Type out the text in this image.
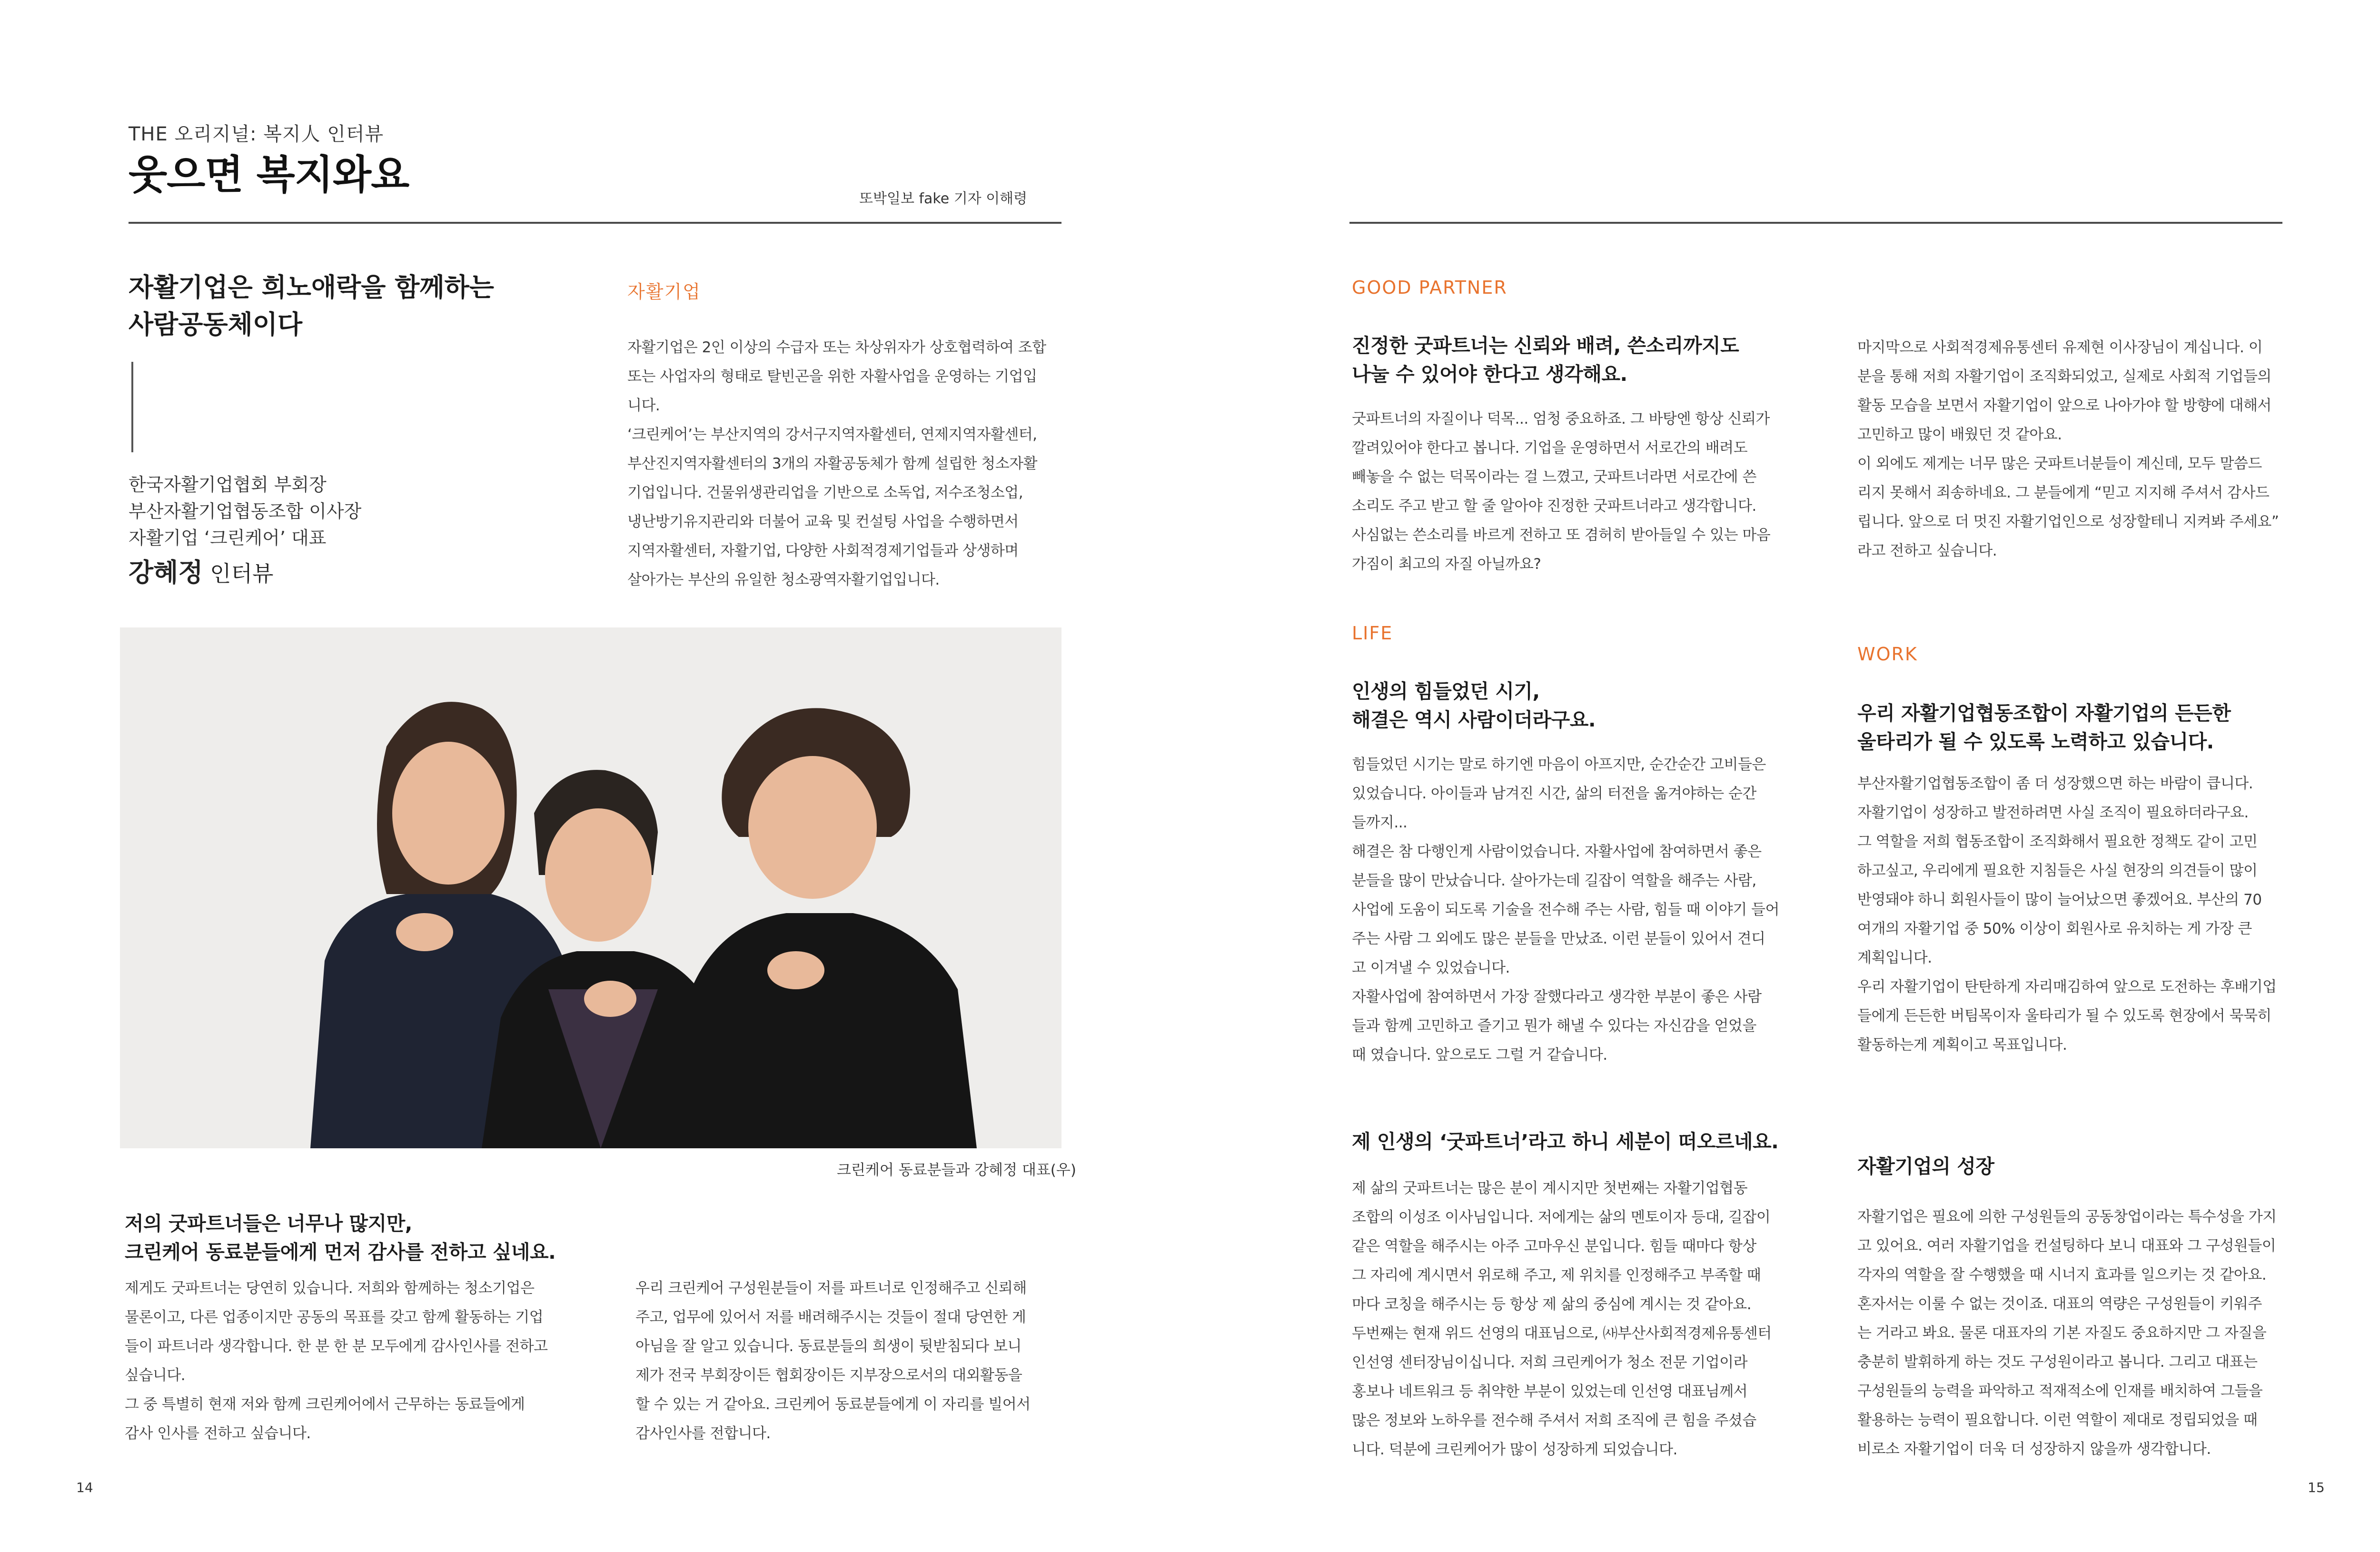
THE 오리지널: 복지人 인터뷰
웃으면 복지와요
또박일보 fake 기자 이해령
자활기업은 희노애락을 함께하는
사람공동체이다
한국자활기업협회 부회장
부산자활기업협동조합 이사장
자활기업 ‘크린케어’ 대표
강혜정 인터뷰
자활기업

자활기업은 2인 이상의 수급자 또는 차상위자가 상호협력하여 조합

또는 사업자의 형태로 탈빈곤을 위한 자활사업을 운영하는 기업입

니다.

‘크린케어’는 부산지역의 강서구지역자활센터, 연제지역자활센터,

부산진지역자활센터의 3개의 자활공동체가 함께 설립한 청소자활

기업입니다. 건물위생관리업을 기반으로 소독업, 저수조청소업,

냉난방기유지관리와 더불어 교육 및 컨설팅 사업을 수행하면서

지역자활센터, 자활기업, 다양한 사회적경제기업들과 상생하며

살아가는 부산의 유일한 청소광역자활기업입니다.

크린케어 동료분들과 강혜정 대표(우)

저의 굿파트너들은 너무나 많지만,

크린케어 동료분들에게 먼저 감사를 전하고 싶네요.

제게도 굿파트너는 당연히 있습니다. 저희와 함께하는 청소기업은

물론이고, 다른 업종이지만 공동의 목표를 갖고 함께 활동하는 기업

들이 파트너라 생각합니다. 한 분 한 분 모두에게 감사인사를 전하고

싶습니다.

그 중 특별히 현재 저와 함께 크린케어에서 근무하는 동료들에게

감사 인사를 전하고 싶습니다.

우리 크린케어 구성원분들이 저를 파트너로 인정해주고 신뢰해

주고, 업무에 있어서 저를 배려해주시는 것들이 절대 당연한 게

아님을 잘 알고 있습니다. 동료분들의 희생이 뒷받침되다 보니

제가 전국 부회장이든 협회장이든 지부장으로서의 대외활동을

할 수 있는 거 같아요. 크린케어 동료분들에게 이 자리를 빌어서

감사인사를 전합니다.

14
GOOD PARTNER

진정한 굿파트너는 신뢰와 배려, 쓴소리까지도

나눌 수 있어야 한다고 생각해요.

굿파트너의 자질이나 덕목... 엄청 중요하죠. 그 바탕엔 항상 신뢰가

깔려있어야 한다고 봅니다. 기업을 운영하면서 서로간의 배려도

빼놓을 수 없는 덕목이라는 걸 느꼈고, 굿파트너라면 서로간에 쓴

소리도 주고 받고 할 줄 알아야 진정한 굿파트너라고 생각합니다.

사심없는 쓴소리를 바르게 전하고 또 겸허히 받아들일 수 있는 마음

가짐이 최고의 자질 아닐까요?

마지막으로 사회적경제유통센터 유제현 이사장님이 계십니다. 이

분을 통해 저희 자활기업이 조직화되었고, 실제로 사회적 기업들의

활동 모습을 보면서 자활기업이 앞으로 나아가야 할 방향에 대해서

고민하고 많이 배웠던 것 같아요.

이 외에도 제게는 너무 많은 굿파트너분들이 계신데, 모두 말씀드

리지 못해서 죄송하네요. 그 분들에게 “믿고 지지해 주셔서 감사드

립니다. 앞으로 더 멋진 자활기업인으로 성장할테니 지켜봐 주세요”

라고 전하고 싶습니다.

LIFE

인생의 힘들었던 시기,

해결은 역시 사람이더라구요.

힘들었던 시기는 말로 하기엔 마음이 아프지만, 순간순간 고비들은

있었습니다. 아이들과 남겨진 시간, 삶의 터전을 옮겨야하는 순간

들까지...

해결은 참 다행인게 사람이었습니다. 자활사업에 참여하면서 좋은

분들을 많이 만났습니다. 살아가는데 길잡이 역할을 해주는 사람,

사업에 도움이 되도록 기술을 전수해 주는 사람, 힘들 때 이야기 들어

주는 사람 그 외에도 많은 분들을 만났죠. 이런 분들이 있어서 견디

고 이겨낼 수 있었습니다.

자활사업에 참여하면서 가장 잘했다라고 생각한 부분이 좋은 사람

들과 함께 고민하고 즐기고 뭔가 해낼 수 있다는 자신감을 얻었을

때 였습니다. 앞으로도 그럴 거 같습니다.

제 인생의 ‘굿파트너’라고 하니 세분이 떠오르네요.

제 삶의 굿파트너는 많은 분이 계시지만 첫번째는 자활기업협동

조합의 이성조 이사님입니다. 저에게는 삶의 멘토이자 등대, 길잡이

같은 역할을 해주시는 아주 고마우신 분입니다. 힘들 때마다 항상

그 자리에 계시면서 위로해 주고, 제 위치를 인정해주고 부족할 때

마다 코칭을 해주시는 등 항상 제 삶의 중심에 계시는 것 같아요.

두번째는 현재 위드 선영의 대표님으로, ㈔부산사회적경제유통센터

인선영 센터장님이십니다. 저희 크린케어가 청소 전문 기업이라

홍보나 네트워크 등 취약한 부분이 있었는데 인선영 대표님께서

많은 정보와 노하우를 전수해 주셔서 저희 조직에 큰 힘을 주셨습

니다. 덕분에 크린케어가 많이 성장하게 되었습니다.

WORK

우리 자활기업협동조합이 자활기업의 든든한

울타리가 될 수 있도록 노력하고 있습니다.

부산자활기업협동조합이 좀 더 성장했으면 하는 바람이 큽니다.

자활기업이 성장하고 발전하려면 사실 조직이 필요하더라구요.

그 역할을 저희 협동조합이 조직화해서 필요한 정책도 같이 고민

하고싶고, 우리에게 필요한 지침들은 사실 현장의 의견들이 많이

반영돼야 하니 회원사들이 많이 늘어났으면 좋겠어요. 부산의 70

여개의 자활기업 중 50% 이상이 회원사로 유치하는 게 가장 큰

계획입니다.

우리 자활기업이 탄탄하게 자리매김하여 앞으로 도전하는 후배기업

들에게 든든한 버팀목이자 울타리가 될 수 있도록 현장에서 묵묵히

활동하는게 계획이고 목표입니다.

자활기업의 성장

자활기업은 필요에 의한 구성원들의 공동창업이라는 특수성을 가지

고 있어요. 여러 자활기업을 컨설팅하다 보니 대표와 그 구성원들이

각자의 역할을 잘 수행했을 때 시너지 효과를 일으키는 것 같아요.

혼자서는 이룰 수 없는 것이죠. 대표의 역량은 구성원들이 키워주

는 거라고 봐요. 물론 대표자의 기본 자질도 중요하지만 그 자질을

충분히 발휘하게 하는 것도 구성원이라고 봅니다. 그리고 대표는

구성원들의 능력을 파악하고 적재적소에 인재를 배치하여 그들을

활용하는 능력이 필요합니다. 이런 역할이 제대로 정립되었을 때

비로소 자활기업이 더욱 더 성장하지 않을까 생각합니다.

15
